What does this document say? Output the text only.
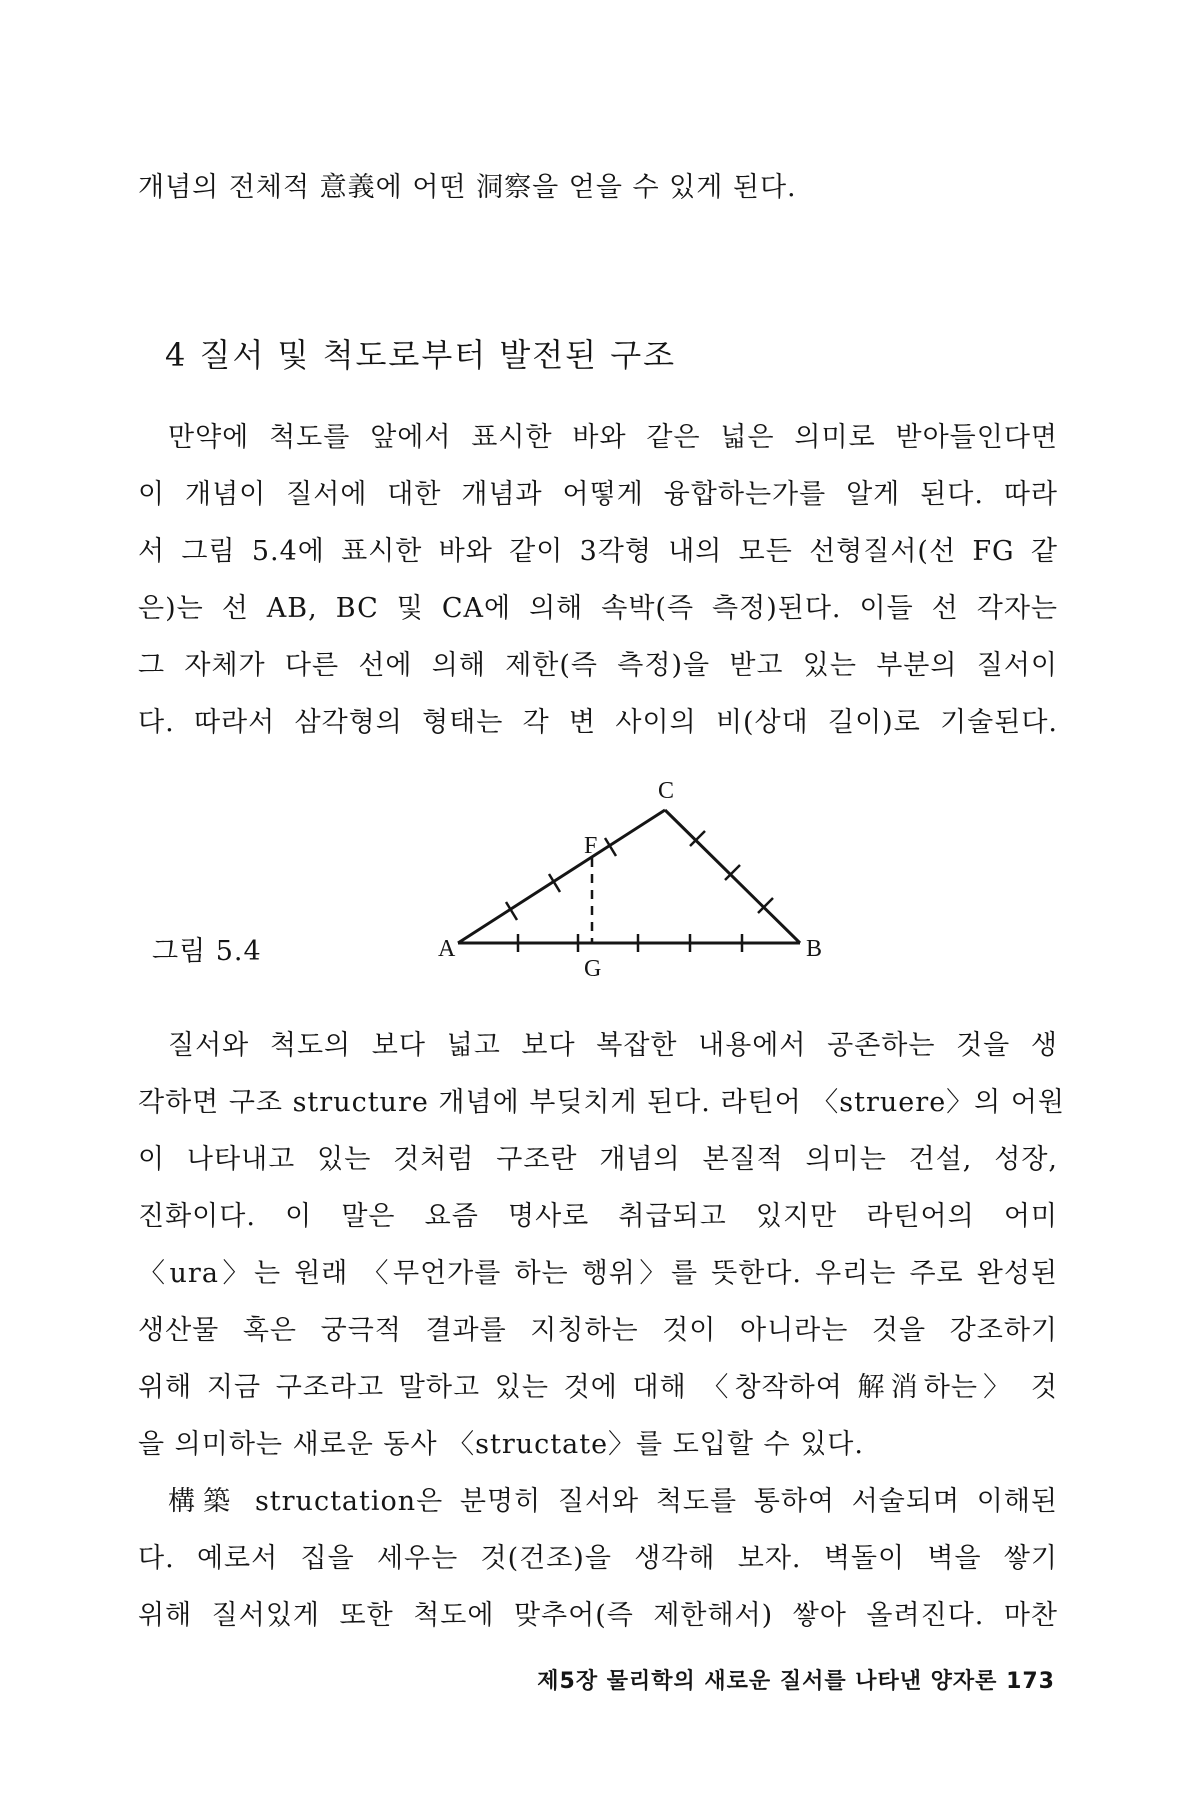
개념의 전체적 意義에 어떤 洞察을 얻을 수 있게 된다.
4 질서 및 척도로부터 발전된 구조
만약에 척도를 앞에서 표시한 바와 같은 넓은 의미로 받아들인다면
이 개념이 질서에 대한 개념과 어떻게 융합하는가를 알게 된다. 따라
서 그림 5.4에 표시한 바와 같이 3각형 내의 모든 선형질서(선 FG 같
은)는 선 AB, BC 및 CA에 의해 속박(즉 측정)된다. 이들 선 각자는
그 자체가 다른 선에 의해 제한(즉 측정)을 받고 있는 부분의 질서이
다. 따라서 삼각형의 형태는 각 변 사이의 비(상대 길이)로 기술된다.
그림 5.4	A	B
C
F
G
질서와 척도의 보다 넓고 보다 복잡한 내용에서 공존하는 것을 생
각하면 구조 structure 개념에 부딪치게 된다. 라틴어 〈struere〉의 어원
이 나타내고 있는 것처럼 구조란 개념의 본질적 의미는 건설, 성장,
진화이다. 이 말은 요즘 명사로 취급되고 있지만 라틴어의 어미
〈ura〉는 원래 〈무언가를 하는 행위〉를 뜻한다. 우리는 주로 완성된
생산물 혹은 궁극적 결과를 지칭하는 것이 아니라는 것을 강조하기
위해 지금 구조라고 말하고 있는 것에 대해 〈창작하여 解消하는〉 것
을 의미하는 새로운 동사 〈structate〉를 도입할 수 있다.
構築 structation은 분명히 질서와 척도를 통하여 서술되며 이해된
다. 예로서 집을 세우는 것(건조)을 생각해 보자. 벽돌이 벽을 쌓기
위해 질서있게 또한 척도에 맞추어(즉 제한해서) 쌓아 올려진다. 마찬
제5장 물리학의 새로운 질서를 나타낸 양자론 173
